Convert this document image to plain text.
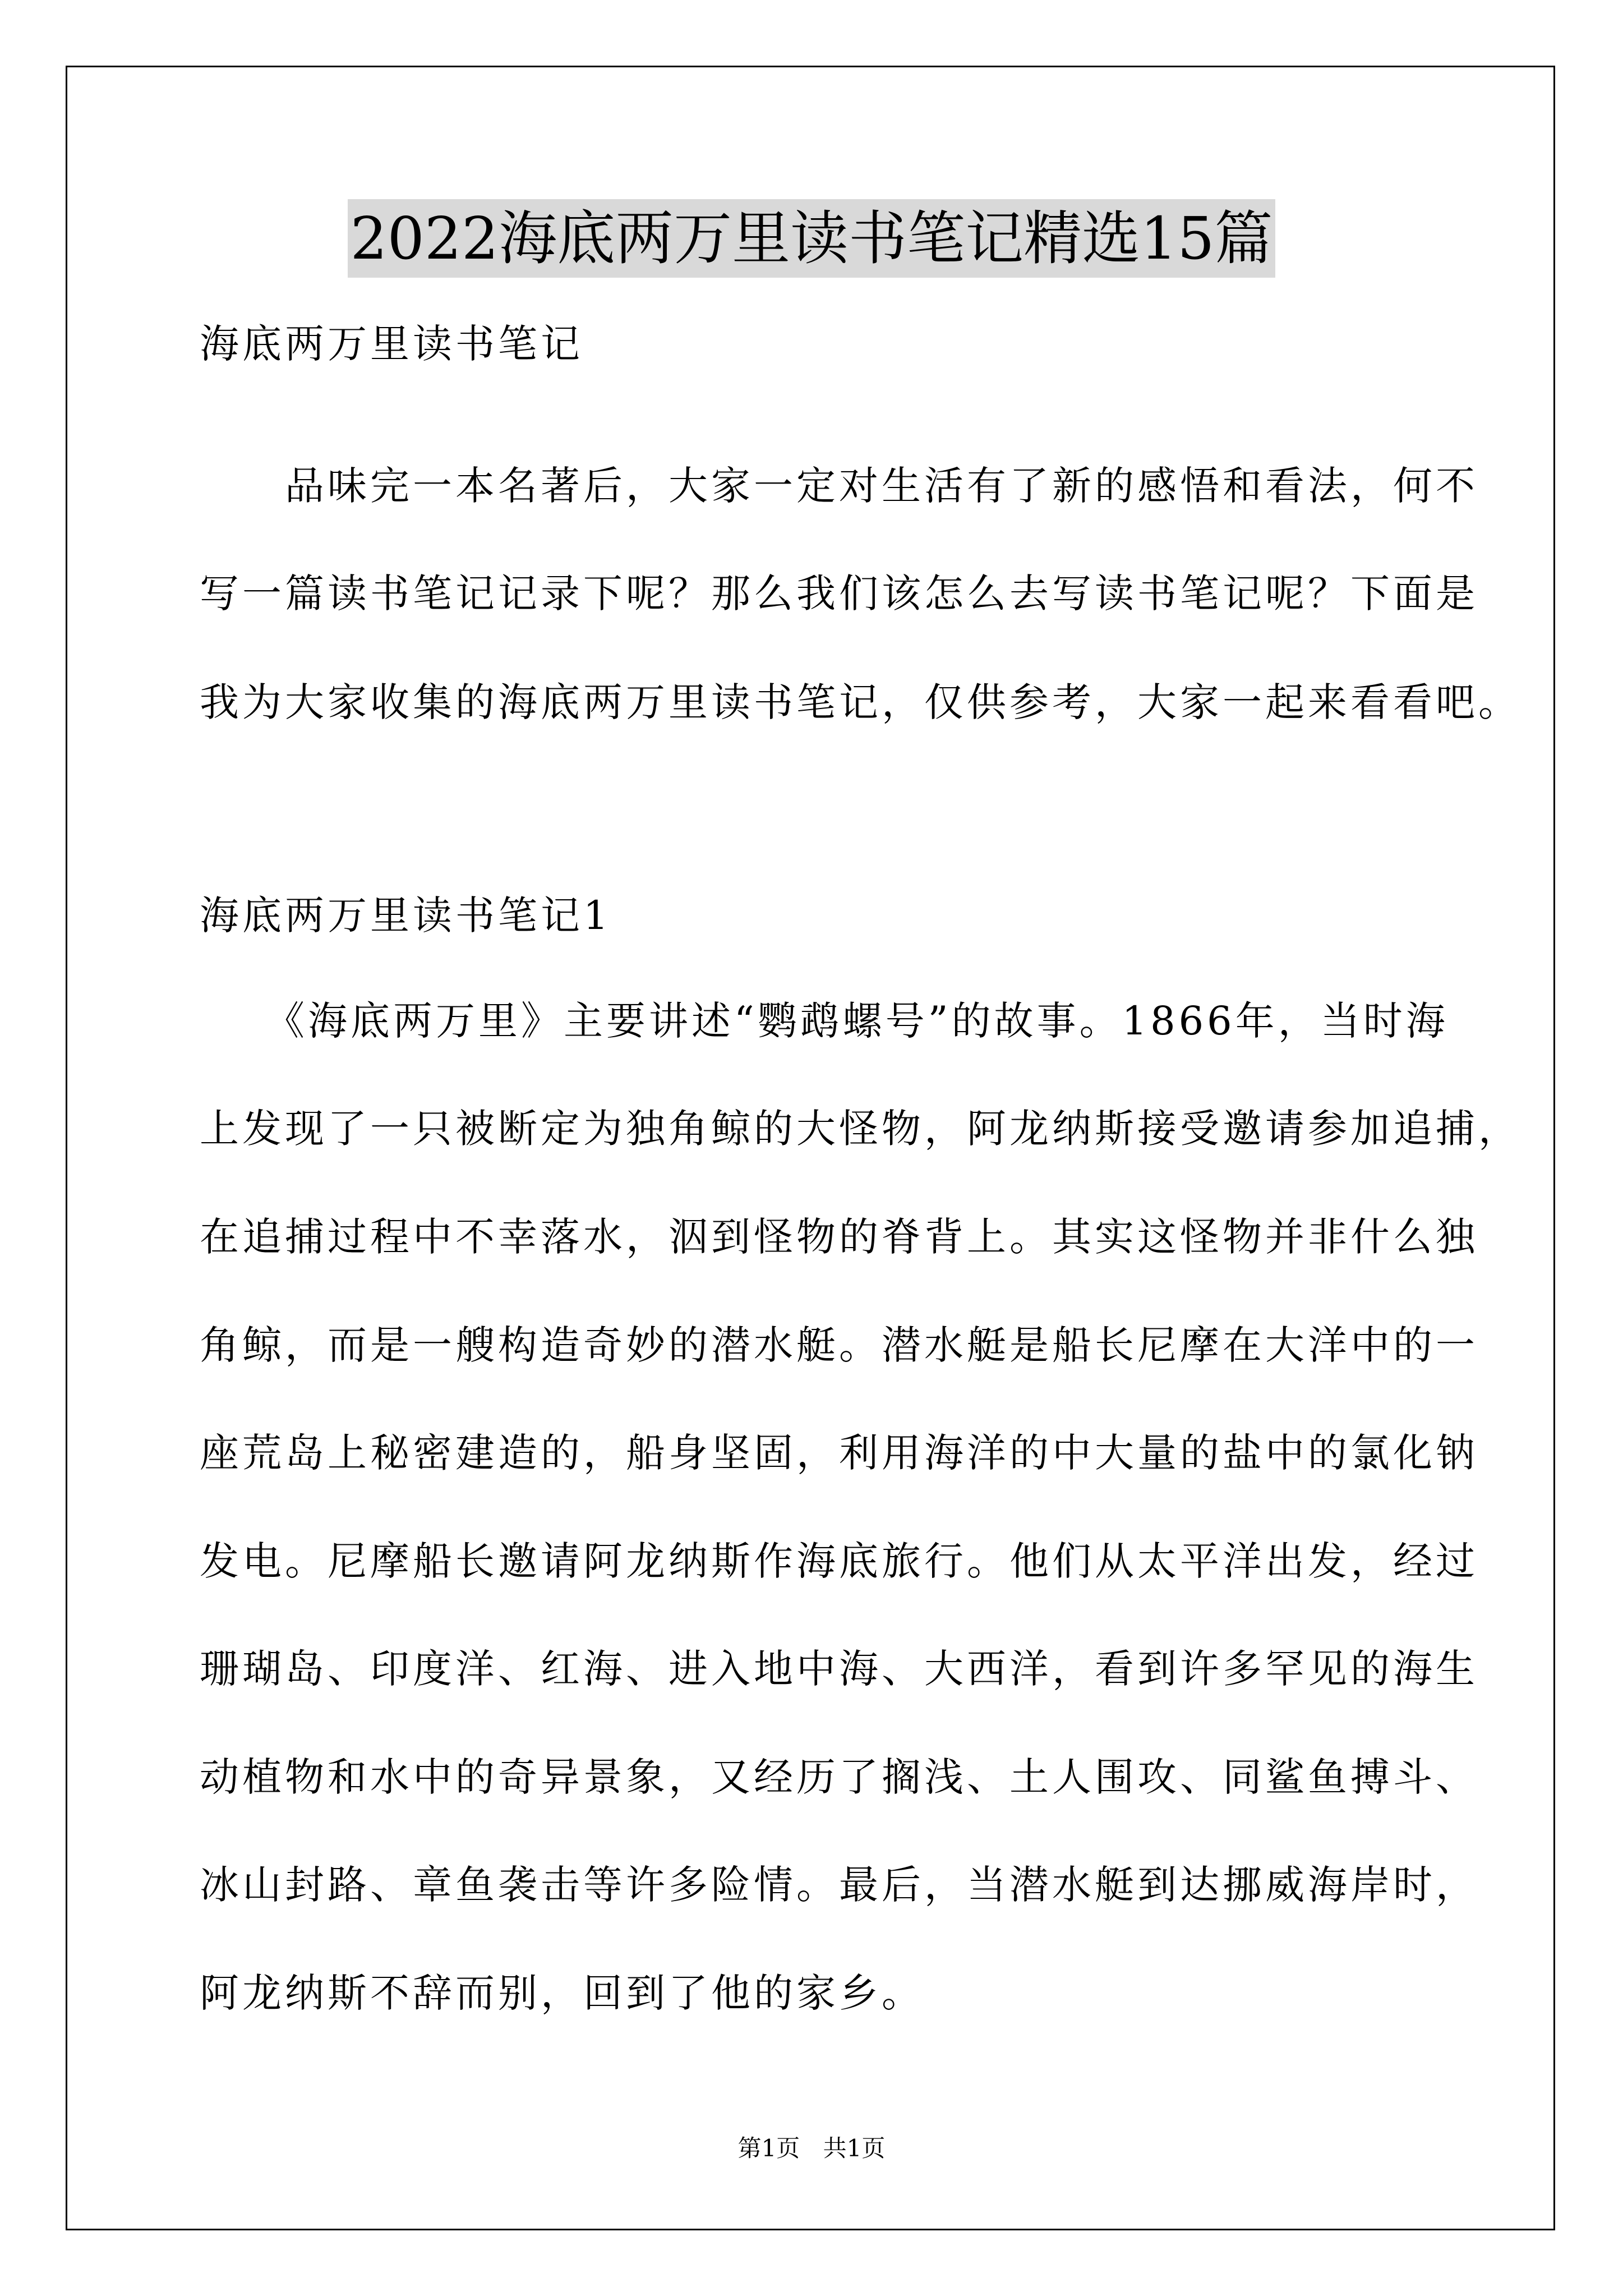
2022海底两万里读书笔记精选15篇
海底两万里读书笔记
　　品味完一本名著后，大家一定对生活有了新的感悟和看法，何不
写一篇读书笔记记录下呢？那么我们该怎么去写读书笔记呢？下面是
我为大家收集的海底两万里读书笔记，仅供参考，大家一起来看看吧。
海底两万里读书笔记1
　　《海底两万里》主要讲述“鹦鹉螺号”的故事。1866年，当时海
上发现了一只被断定为独角鲸的大怪物，阿龙纳斯接受邀请参加追捕，
在追捕过程中不幸落水，泅到怪物的脊背上。其实这怪物并非什么独
角鲸，而是一艘构造奇妙的潜水艇。潜水艇是船长尼摩在大洋中的一
座荒岛上秘密建造的，船身坚固，利用海洋的中大量的盐中的氯化钠
发电。尼摩船长邀请阿龙纳斯作海底旅行。他们从太平洋出发，经过
珊瑚岛、印度洋、红海、进入地中海、大西洋，看到许多罕见的海生
动植物和水中的奇异景象，又经历了搁浅、土人围攻、同鲨鱼搏斗、
冰山封路、章鱼袭击等许多险情。最后，当潜水艇到达挪威海岸时，
阿龙纳斯不辞而别，回到了他的家乡。
第1页 共1页
